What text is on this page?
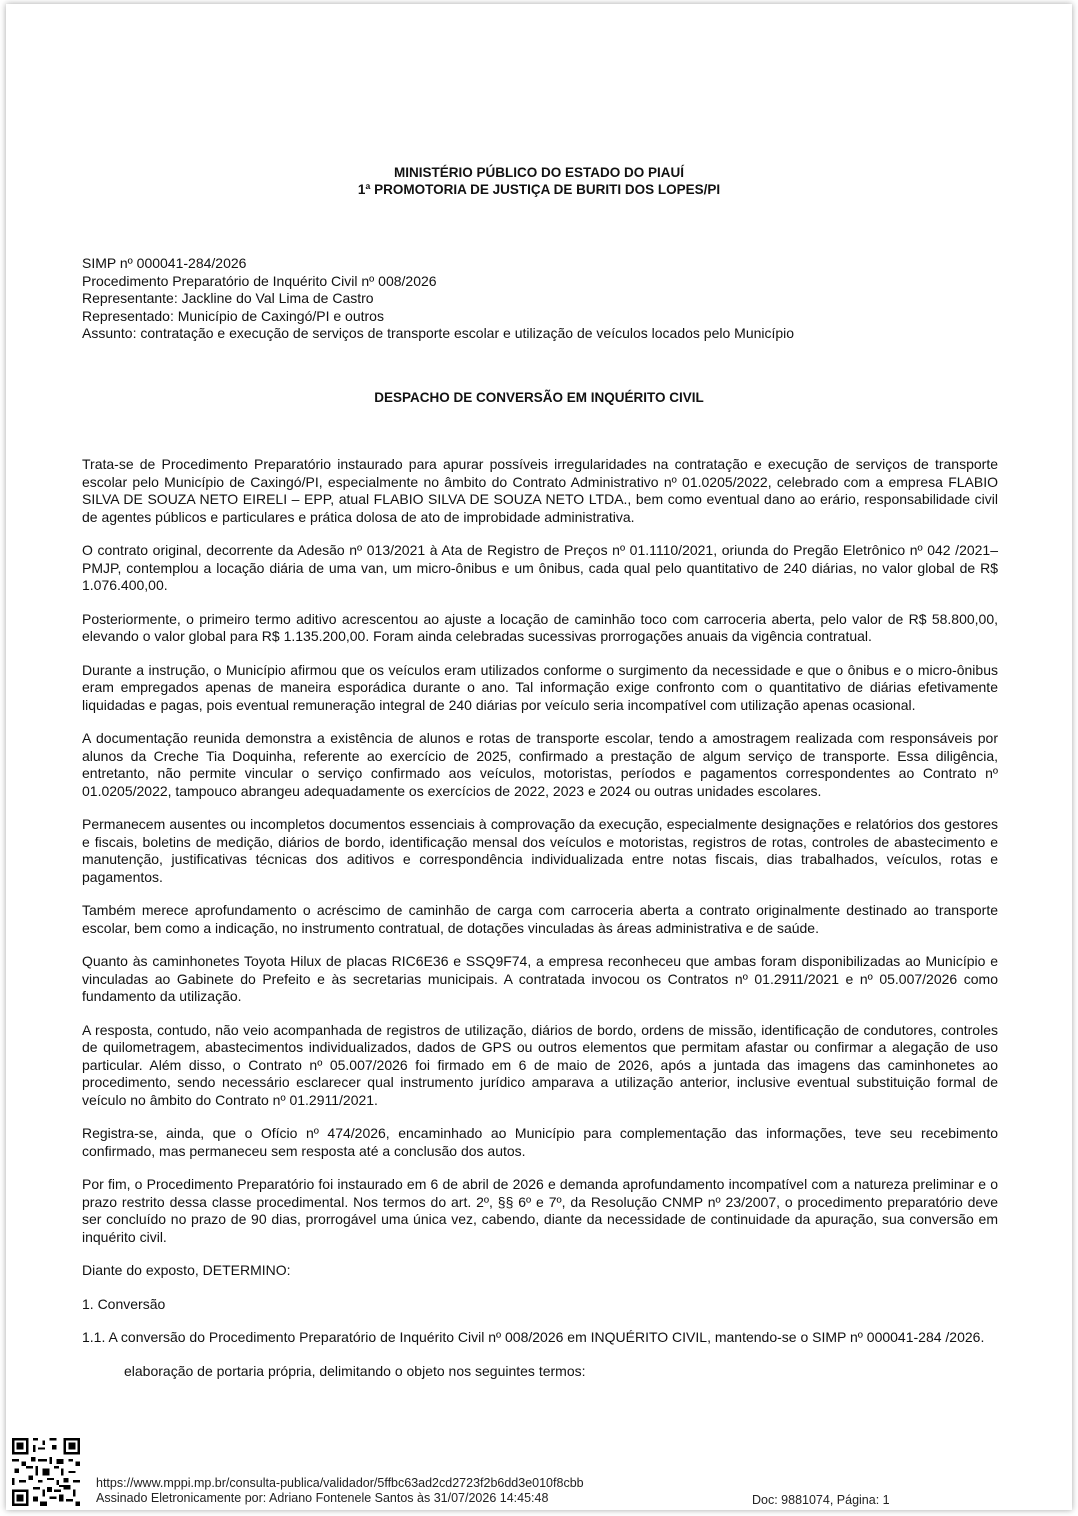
MINISTÉRIO PÚBLICO DO ESTADO DO PIAUÍ
1ª PROMOTORIA DE JUSTIÇA DE BURITI DOS LOPES/PI
SIMP nº 000041-284/2026
Procedimento Preparatório de Inquérito Civil nº 008/2026
Representante: Jackline do Val Lima de Castro
Representado: Município de Caxingó/PI e outros
Assunto: contratação e execução de serviços de transporte escolar e utilização de veículos locados pelo Município
DESPACHO DE CONVERSÃO EM INQUÉRITO CIVIL

Trata-se de Procedimento Preparatório instaurado para apurar possíveis irregularidades na contratação e execução de serviços de transporte escolar pelo Município de Caxingó/PI, especialmente no âmbito do Contrato Administrativo nº 01.0205/2022, celebrado com a empresa FLABIO SILVA DE SOUZA NETO EIRELI – EPP, atual FLABIO SILVA DE SOUZA NETO LTDA., bem como eventual dano ao erário, responsabilidade civil de agentes públicos e particulares e prática dolosa de ato de improbidade administrativa.

O contrato original, decorrente da Adesão nº 013/2021 à Ata de Registro de Preços nº 01.1110/2021, oriunda do Pregão Eletrônico nº 042 /2021–PMJP, contemplou a locação diária de uma van, um micro-ônibus e um ônibus, cada qual pelo quantitativo de 240 diárias, no valor global de R$ 1.076.400,00.

Posteriormente, o primeiro termo aditivo acrescentou ao ajuste a locação de caminhão toco com carroceria aberta, pelo valor de R$ 58.800,00, elevando o valor global para R$ 1.135.200,00. Foram ainda celebradas sucessivas prorrogações anuais da vigência contratual.

Durante a instrução, o Município afirmou que os veículos eram utilizados conforme o surgimento da necessidade e que o ônibus e o micro-ônibus eram empregados apenas de maneira esporádica durante o ano. Tal informação exige confronto com o quantitativo de diárias efetivamente liquidadas e pagas, pois eventual remuneração integral de 240 diárias por veículo seria incompatível com utilização apenas ocasional.

A documentação reunida demonstra a existência de alunos e rotas de transporte escolar, tendo a amostragem realizada com responsáveis por alunos da Creche Tia Doquinha, referente ao exercício de 2025, confirmado a prestação de algum serviço de transporte. Essa diligência, entretanto, não permite vincular o serviço confirmado aos veículos, motoristas, períodos e pagamentos correspondentes ao Contrato nº 01.0205/2022, tampouco abrangeu adequadamente os exercícios de 2022, 2023 e 2024 ou outras unidades escolares.

Permanecem ausentes ou incompletos documentos essenciais à comprovação da execução, especialmente designações e relatórios dos gestores e fiscais, boletins de medição, diários de bordo, identificação mensal dos veículos e motoristas, registros de rotas, controles de abastecimento e manutenção, justificativas técnicas dos aditivos e correspondência individualizada entre notas fiscais, dias trabalhados, veículos, rotas e pagamentos.

Também merece aprofundamento o acréscimo de caminhão de carga com carroceria aberta a contrato originalmente destinado ao transporte escolar, bem como a indicação, no instrumento contratual, de dotações vinculadas às áreas administrativa e de saúde.

Quanto às caminhonetes Toyota Hilux de placas RIC6E36 e SSQ9F74, a empresa reconheceu que ambas foram disponibilizadas ao Município e vinculadas ao Gabinete do Prefeito e às secretarias municipais. A contratada invocou os Contratos nº 01.2911/2021 e nº 05.007/2026 como fundamento da utilização.

A resposta, contudo, não veio acompanhada de registros de utilização, diários de bordo, ordens de missão, identificação de condutores, controles de quilometragem, abastecimentos individualizados, dados de GPS ou outros elementos que permitam afastar ou confirmar a alegação de uso particular. Além disso, o Contrato nº 05.007/2026 foi firmado em 6 de maio de 2026, após a juntada das imagens das caminhonetes ao procedimento, sendo necessário esclarecer qual instrumento jurídico amparava a utilização anterior, inclusive eventual substituição formal de veículo no âmbito do Contrato nº 01.2911/2021.

Registra-se, ainda, que o Ofício nº 474/2026, encaminhado ao Município para complementação das informações, teve seu recebimento confirmado, mas permaneceu sem resposta até a conclusão dos autos.

Por fim, o Procedimento Preparatório foi instaurado em 6 de abril de 2026 e demanda aprofundamento incompatível com a natureza preliminar e o prazo restrito dessa classe procedimental. Nos termos do art. 2º, §§ 6º e 7º, da Resolução CNMP nº 23/2007, o procedimento preparatório deve ser concluído no prazo de 90 dias, prorrogável uma única vez, cabendo, diante da necessidade de continuidade da apuração, sua conversão em inquérito civil.

Diante do exposto, DETERMINO:

1. Conversão

1.1. A conversão do Procedimento Preparatório de Inquérito Civil nº 008/2026 em INQUÉRITO CIVIL, mantendo-se o SIMP nº 000041-284 /2026.

elaboração de portaria própria, delimitando o objeto nos seguintes termos:

https://www.mppi.mp.br/consulta-publica/validador/5ffbc63ad2cd2723f2b6dd3e010f8cbb
Assinado Eletronicamente por: Adriano Fontenele Santos às 31/07/2026 14:45:48	Doc: 9881074, Página: 1
